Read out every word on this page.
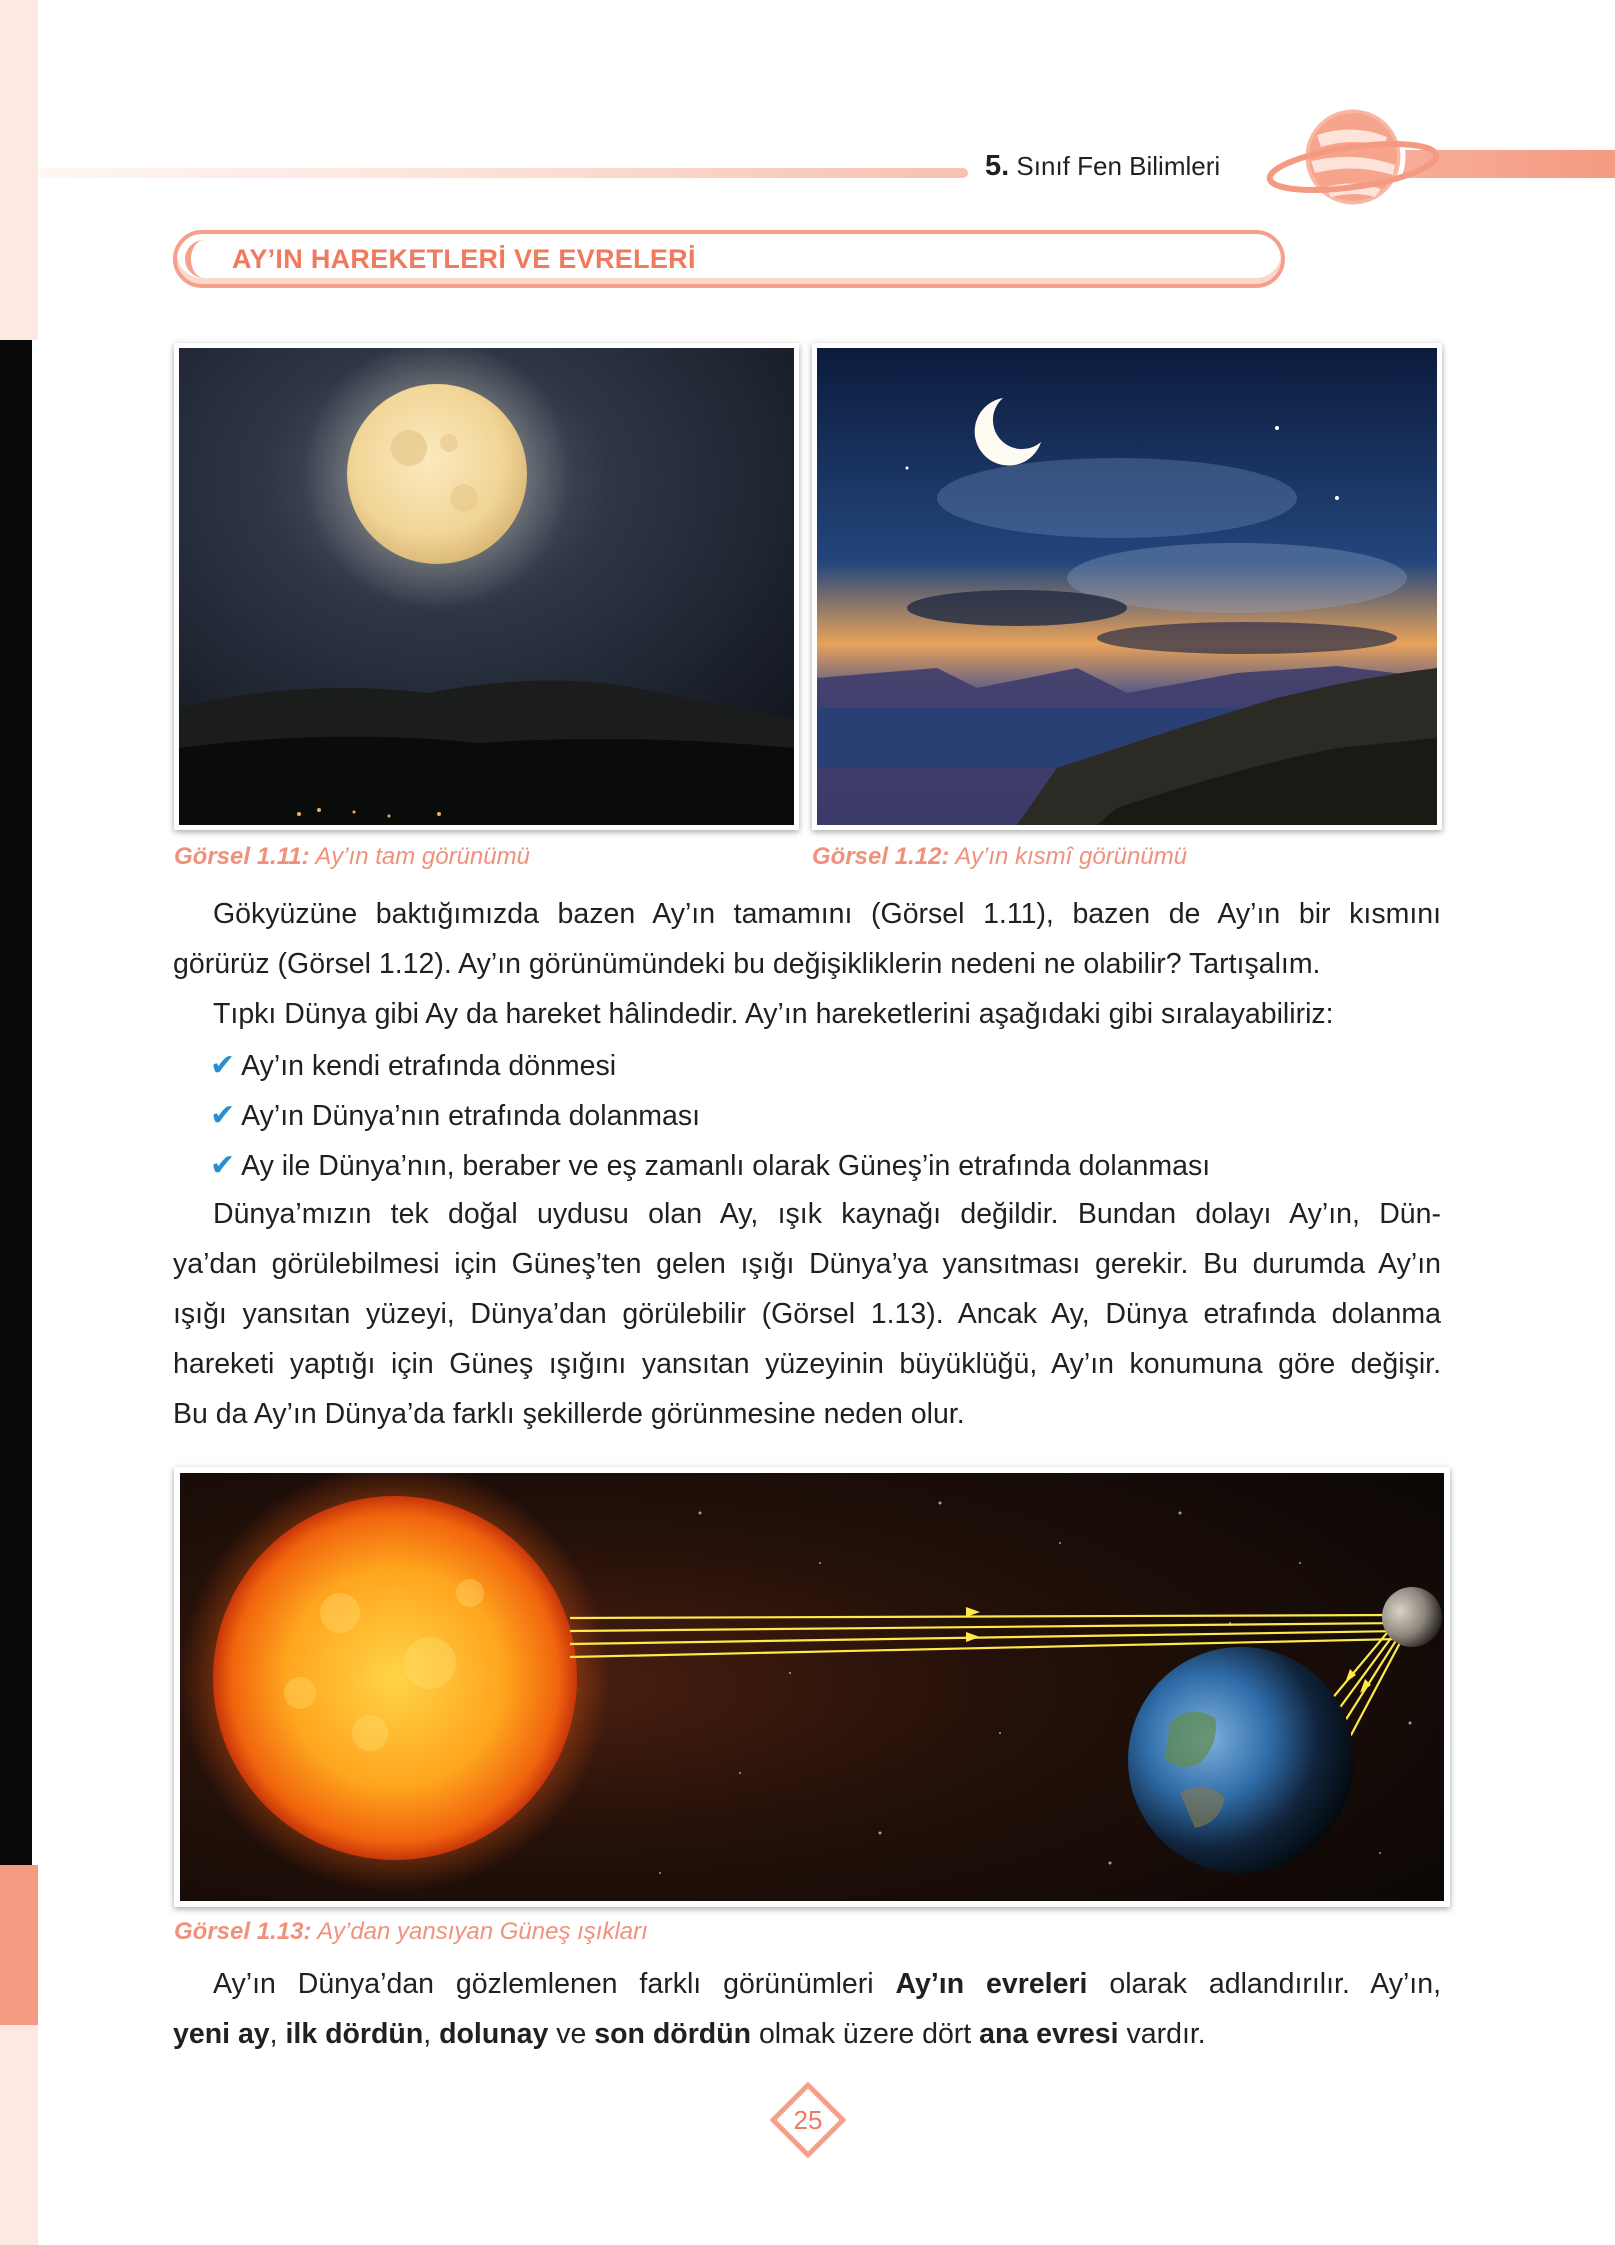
5. Sınıf Fen Bilimleri
AY’IN HAREKETLERİ VE EVRELERİ
Görsel 1.11: Ay’ın tam görünümü	Görsel 1.12: Ay’ın kısmî görünümü
Gökyüzüne baktığımızda bazen Ay’ın tamamını (Görsel 1.11), bazen de Ay’ın bir kısmını
görürüz (Görsel 1.12). Ay’ın görünümündeki bu değişikliklerin nedeni ne olabilir? Tartışalım.
Tıpkı Dünya gibi Ay da hareket hâlindedir. Ay’ın hareketlerini aşağıdaki gibi sıralayabiliriz:
✔ Ay’ın kendi etrafında dönmesi
✔ Ay’ın Dünya’nın etrafında dolanması
✔ Ay ile Dünya’nın, beraber ve eş zamanlı olarak Güneş’in etrafında dolanması
Dünya’mızın tek doğal uydusu olan Ay, ışık kaynağı değildir. Bundan dolayı Ay’ın, Dün-
ya’dan görülebilmesi için Güneş’ten gelen ışığı Dünya’ya yansıtması gerekir. Bu durumda Ay’ın
ışığı yansıtan yüzeyi, Dünya’dan görülebilir (Görsel 1.13). Ancak Ay, Dünya etrafında dolanma
hareketi yaptığı için Güneş ışığını yansıtan yüzeyinin büyüklüğü, Ay’ın konumuna göre değişir.
Bu da Ay’ın Dünya’da farklı şekillerde görünmesine neden olur.
Görsel 1.13: Ay’dan yansıyan Güneş ışıkları
Ay’ın Dünya’dan gözlemlenen farklı görünümleri Ay’ın evreleri olarak adlandırılır. Ay’ın,
yeni ay, ilk dördün, dolunay ve son dördün olmak üzere dört ana evresi vardır.
25
